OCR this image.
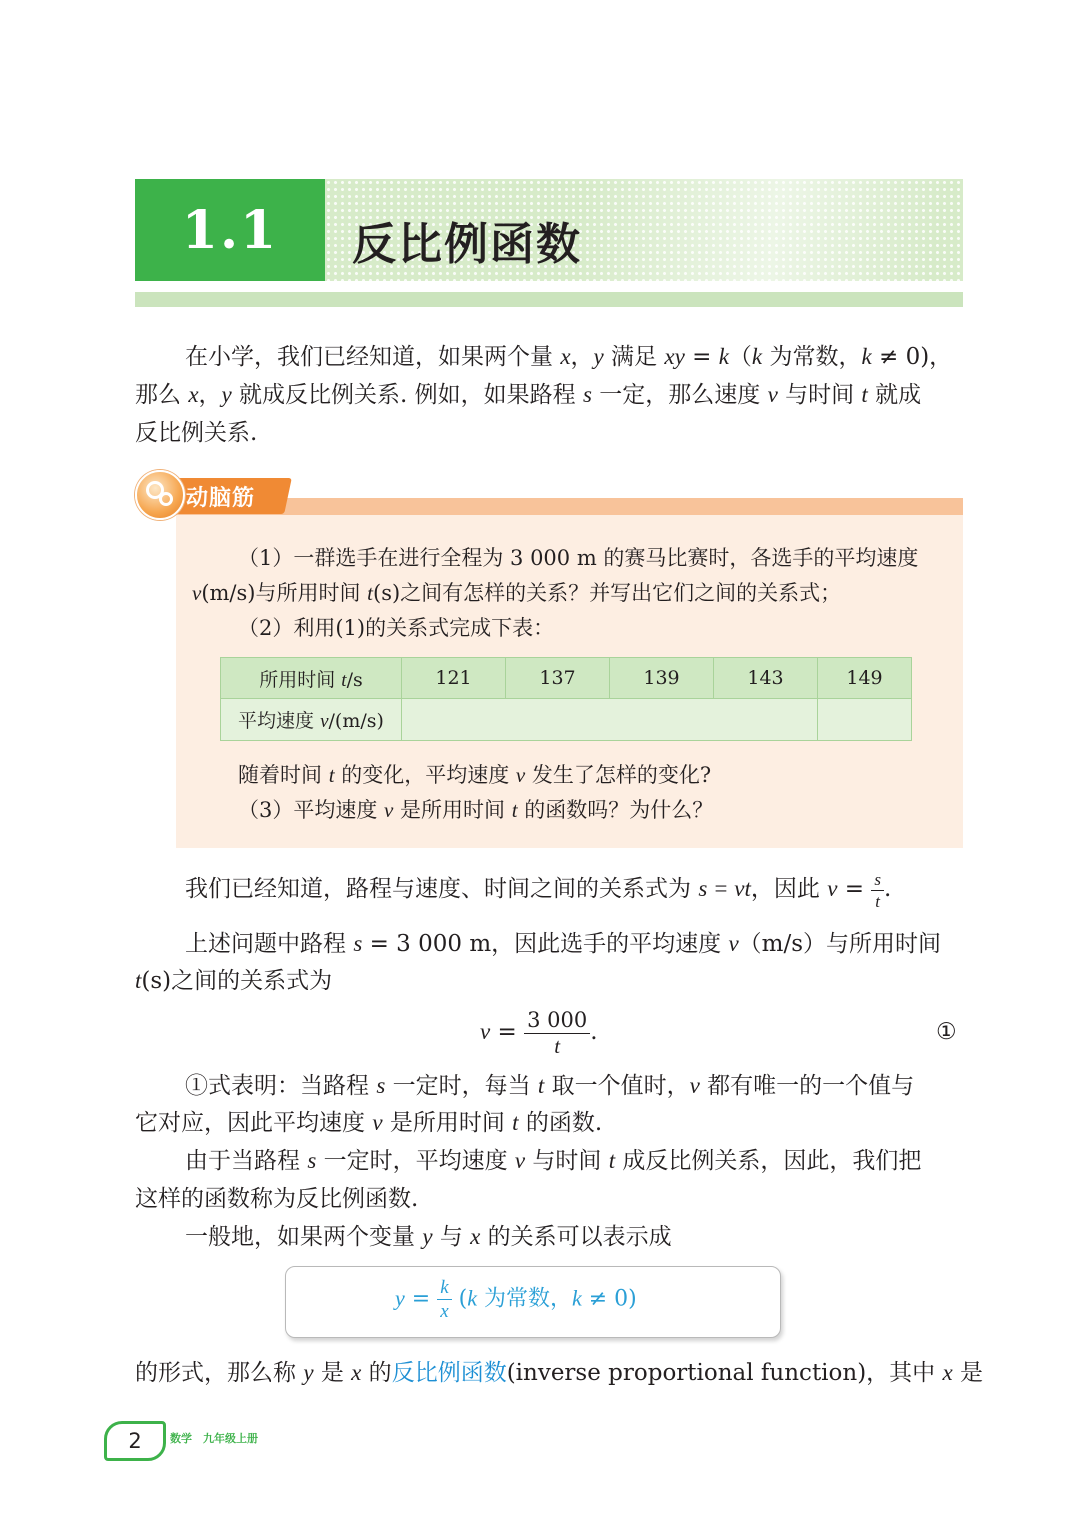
1.1	反比例函数
在小学，我们已经知道，如果两个量 x，y 满足 xy = k（k 为常数，k ≠ 0)，
那么 x，y 就成反比例关系. 例如，如果路程 s 一定，那么速度 v 与时间 t 就成
反比例关系.
动脑筋
（1）一群选手在进行全程为 3 000 m 的赛马比赛时，各选手的平均速度
v(m/s)与所用时间 t(s)之间有怎样的关系？并写出它们之间的关系式；
（2）利用(1)的关系式完成下表：
所用时间 t/s	121	137	139	143	149
平均速度 v/(m/s)					
随着时间 t 的变化，平均速度 v 发生了怎样的变化?
（3）平均速度 v 是所用时间 t 的函数吗？为什么？
我们已经知道，路程与速度、时间之间的关系式为 s = vt，因此 $v = \frac{s}{t}$ .
上述问题中路程 s = 3 000 m，因此选手的平均速度 v（m/s）与所用时间
t(s)之间的关系式为
$v = \frac{3 000}{t}$ .	①
①式表明：当路程 s 一定时，每当 t 取一个值时，v 都有唯一的一个值与
它对应，因此平均速度 v 是所用时间 t 的函数.
由于当路程 s 一定时，平均速度 v 与时间 t 成反比例关系，因此，我们把
这样的函数称为反比例函数.
一般地，如果两个变量 y 与 x 的关系可以表示成
$y = \frac{k}{x} (k$ 为常数，k ≠ 0)
的形式，那么称 y 是 x 的反比例函数(inverse proportional function)，其中 x 是
2	数学　九年级上册
